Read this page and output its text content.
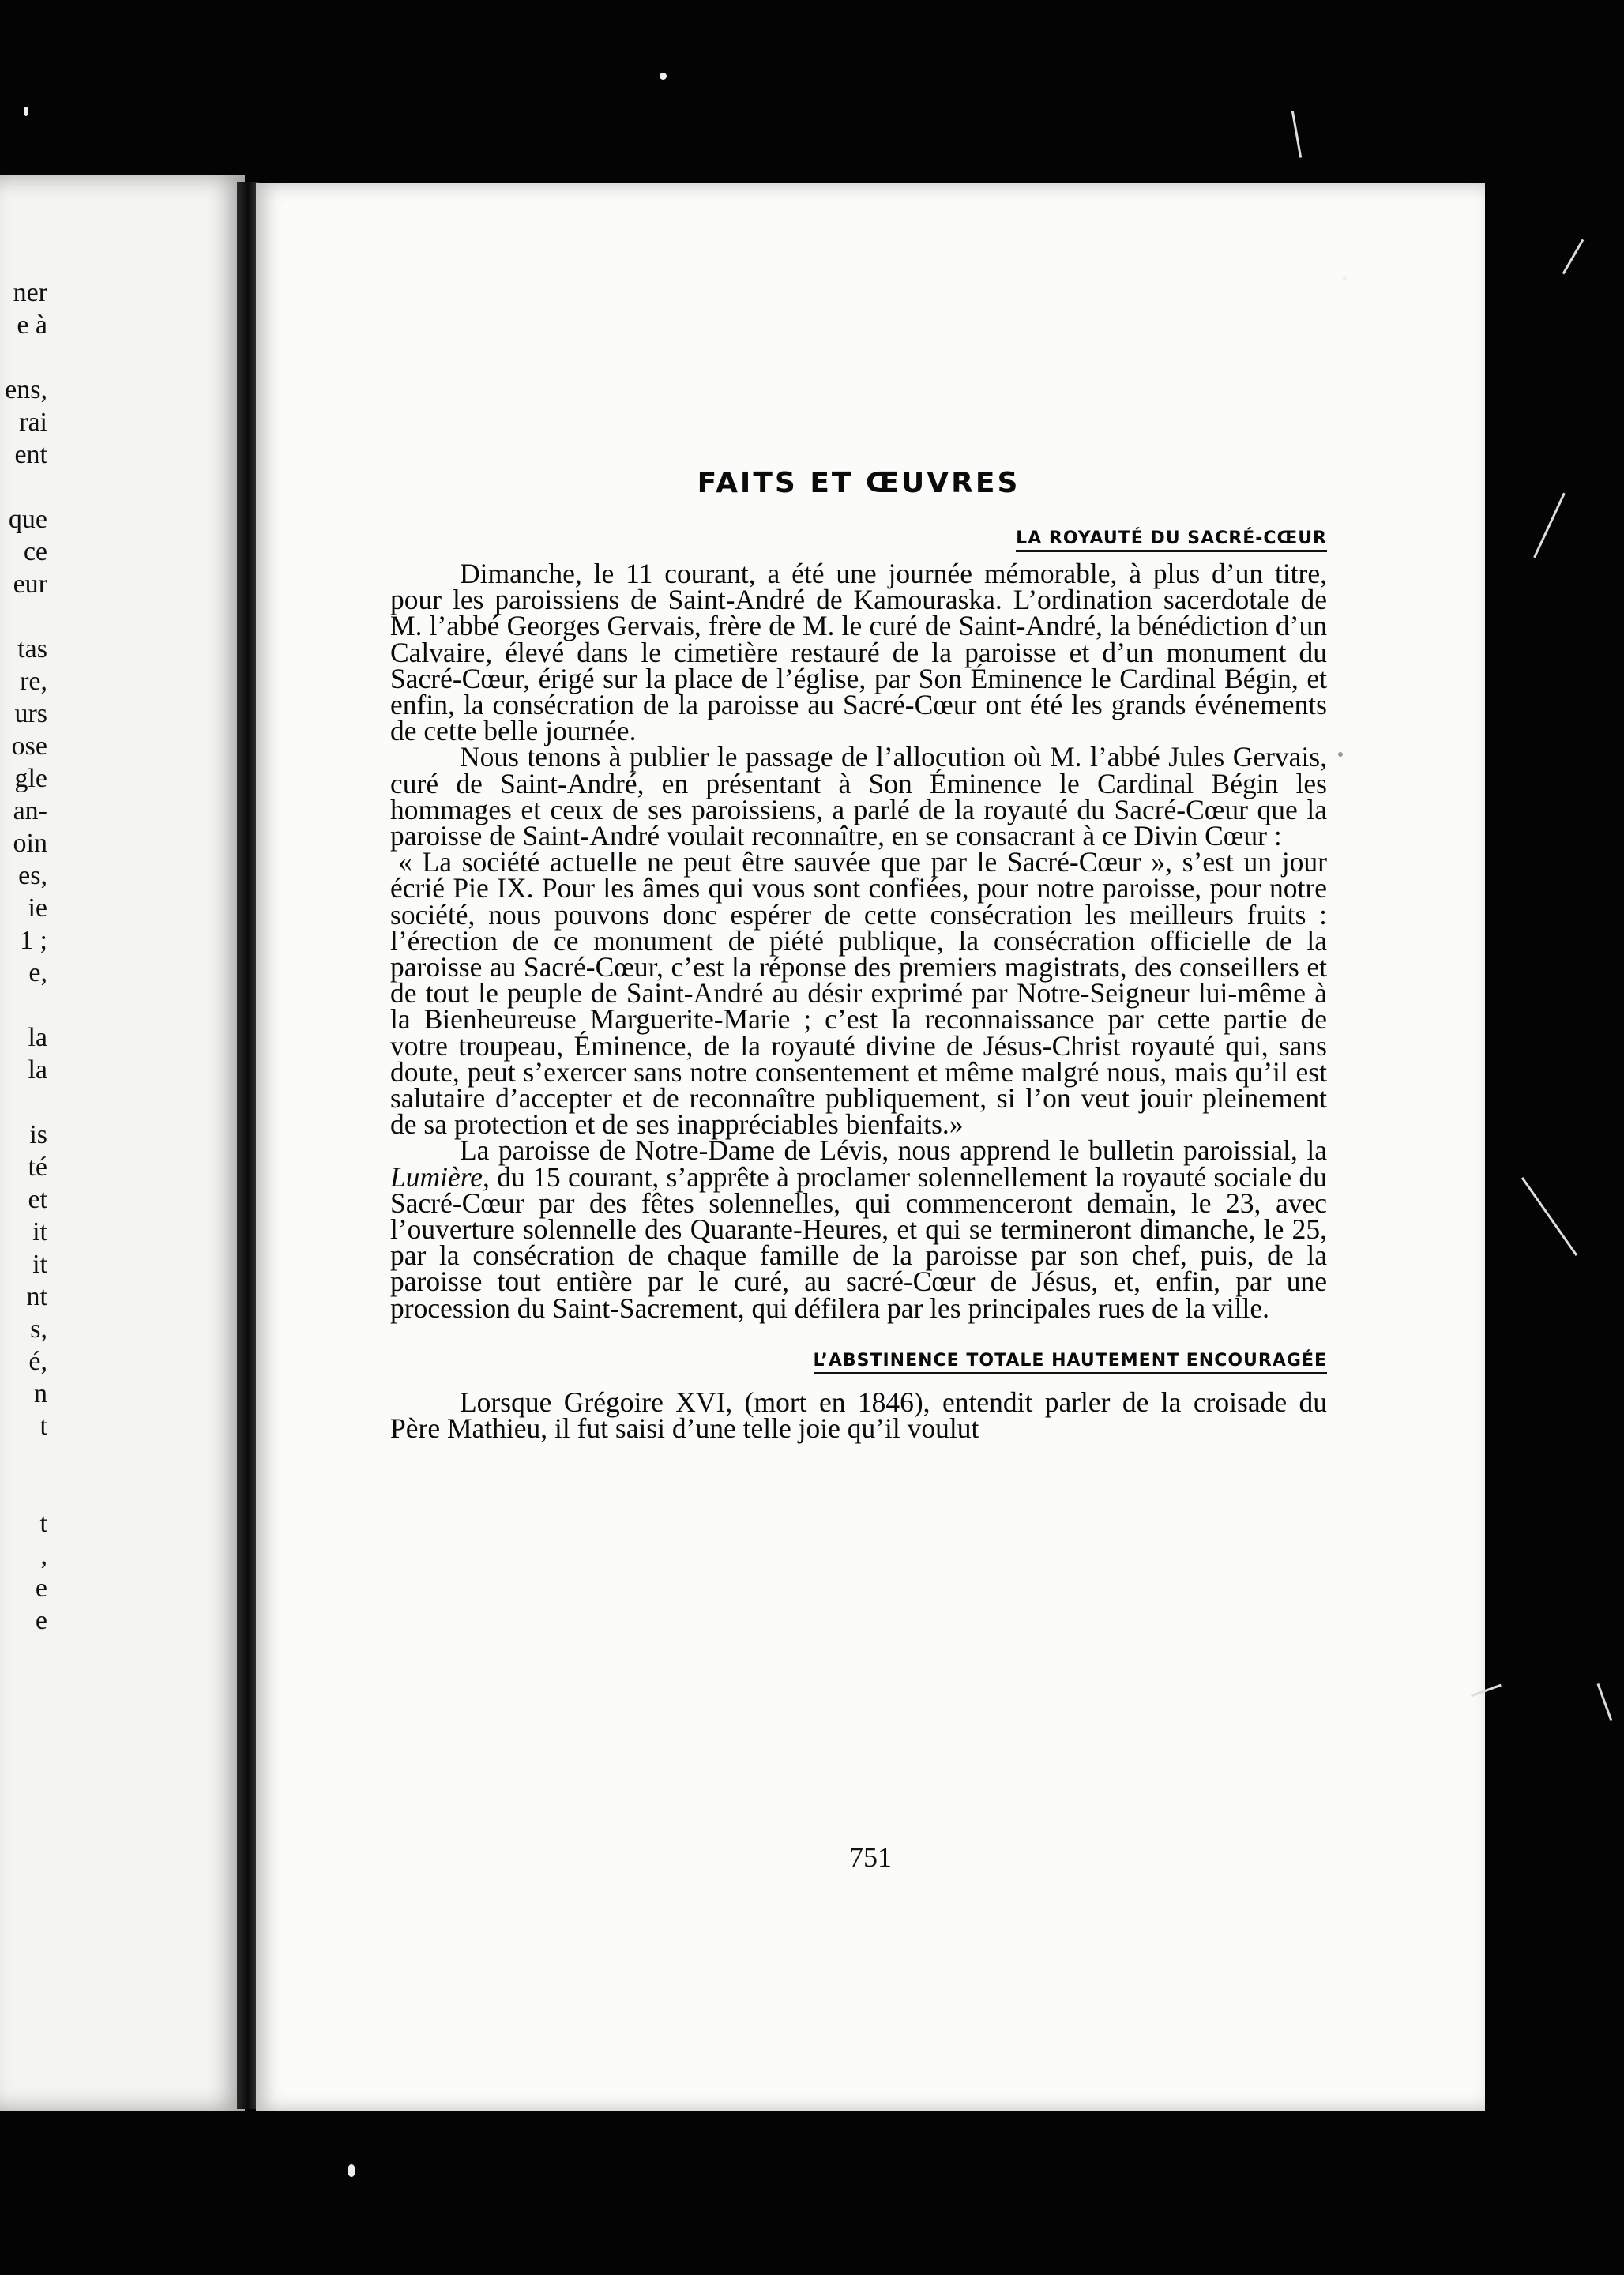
ner
e à
ens,
rai
ent
que
ce
eur
tas
re,
urs
ose
gle
an-
oin
es,
ie
1 ;
e,
la
la
is
té
et
it
it
nt
s,
é,
n
t
t
,
e
e

FAITS ET ŒUVRES
LA ROYAUTÉ DU SACRÉ-CŒUR

Dimanche, le 11 courant, a été une journée mémorable, à plus d’un titre, pour les paroissiens de Saint-André de Kamouraska. L’ordination sacerdotale de M. l’abbé Georges Gervais, frère de M. le curé de Saint-André, la bénédiction d’un Calvaire, élevé dans le cimetière restauré de la paroisse et d’un monument du Sacré-Cœur, érigé sur la place de l’église, par Son Éminence le Cardinal Bégin, et enfin, la consécration de la paroisse au Sacré-Cœur ont été les grands événements de cette belle journée.

Nous tenons à publier le passage de l’allocution où M. l’abbé Jules Gervais, curé de Saint-André, en présentant à Son Éminence le Cardinal Bégin les hommages et ceux de ses paroissiens, a parlé de la royauté du Sacré-Cœur que la paroisse de Saint-André voulait reconnaître, en se consacrant à ce Divin Cœur :

« La société actuelle ne peut être sauvée que par le Sacré-Cœur », s’est un jour écrié Pie IX. Pour les âmes qui vous sont confiées, pour notre paroisse, pour notre société, nous pouvons donc espérer de cette consécration les meilleurs fruits : l’érection de ce monument de piété publique, la consécration officielle de la paroisse au Sacré-Cœur, c’est la réponse des premiers magistrats, des conseillers et de tout le peuple de Saint-André au désir exprimé par Notre-Seigneur lui-même à la Bienheureuse Marguerite-Marie ; c’est la reconnaissance par cette partie de votre troupeau, Éminence, de la royauté divine de Jésus-Christ royauté qui, sans doute, peut s’exercer sans notre consentement et même malgré nous, mais qu’il est salutaire d’accepter et de reconnaître publiquement, si l’on veut jouir pleinement de sa protection et de ses inappréciables bienfaits.»

La paroisse de Notre-Dame de Lévis, nous apprend le bulletin paroissial, la Lumière, du 15 courant, s’apprête à proclamer solennellement la royauté sociale du Sacré-Cœur par des fêtes solennelles, qui commenceront demain, le 23, avec l’ouverture solennelle des Quarante-Heures, et qui se termineront dimanche, le 25, par la consécration de chaque famille de la paroisse par son chef, puis, de la paroisse tout entière par le curé, au sacré-Cœur de Jésus, et, enfin, par une procession du Saint-Sacrement, qui défilera par les principales rues de la ville.

L’ABSTINENCE TOTALE HAUTEMENT ENCOURAGÉE

Lorsque Grégoire XVI, (mort en 1846), entendit parler de la croisade du Père Mathieu, il fut saisi d’une telle joie qu’il voulut

751
